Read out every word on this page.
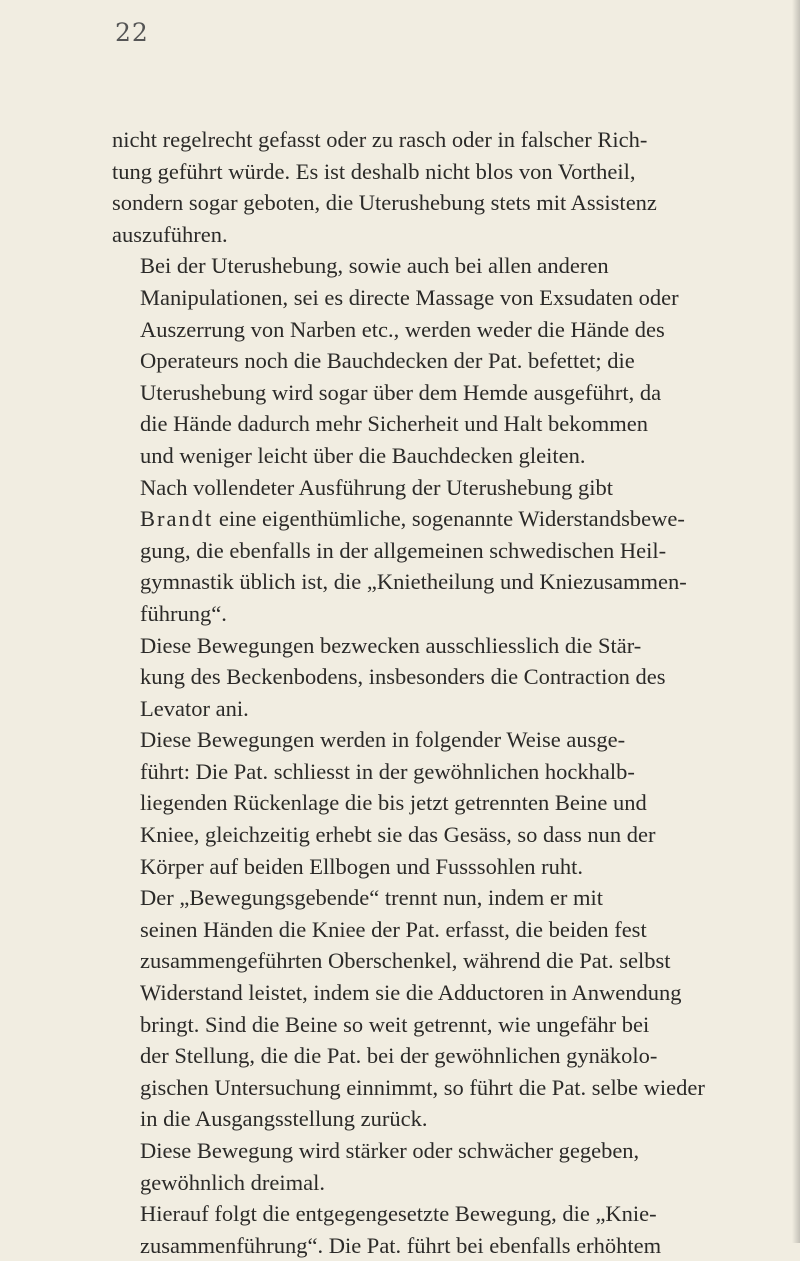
22

nicht regelrecht gefasst oder zu rasch oder in falscher Rich-
tung geführt würde. Es ist deshalb nicht blos von Vortheil,
sondern sogar geboten, die Uterushebung stets mit Assistenz
auszuführen.

Bei der Uterushebung, sowie auch bei allen anderen
Manipulationen, sei es directe Massage von Exsudaten oder
Auszerrung von Narben etc., werden weder die Hände des
Operateurs noch die Bauchdecken der Pat. befettet; die
Uterushebung wird sogar über dem Hemde ausgeführt, da
die Hände dadurch mehr Sicherheit und Halt bekommen
und weniger leicht über die Bauchdecken gleiten.

Nach vollendeter Ausführung der Uterushebung gibt
Brandt eine eigenthümliche, sogenannte Widerstandsbewe-
gung, die ebenfalls in der allgemeinen schwedischen Heil-
gymnastik üblich ist, die „Knietheilung und Kniezusammen-
führung“.

Diese Bewegungen bezwecken ausschliesslich die Stär-
kung des Beckenbodens, insbesonders die Contraction des
Levator ani.

Diese Bewegungen werden in folgender Weise ausge-
führt: Die Pat. schliesst in der gewöhnlichen hockhalb-
liegenden Rückenlage die bis jetzt getrennten Beine und
Kniee, gleichzeitig erhebt sie das Gesäss, so dass nun der
Körper auf beiden Ellbogen und Fusssohlen ruht.

Der „Bewegungsgebende“ trennt nun, indem er mit
seinen Händen die Kniee der Pat. erfasst, die beiden fest
zusammengeführten Oberschenkel, während die Pat. selbst
Widerstand leistet, indem sie die Adductoren in Anwendung
bringt. Sind die Beine so weit getrennt, wie ungefähr bei
der Stellung, die die Pat. bei der gewöhnlichen gynäkolo-
gischen Untersuchung einnimmt, so führt die Pat. selbe wieder
in die Ausgangsstellung zurück.

Diese Bewegung wird stärker oder schwächer gegeben,
gewöhnlich dreimal.

Hierauf folgt die entgegengesetzte Bewegung, die „Knie-
zusammenführung“. Die Pat. führt bei ebenfalls erhöhtem
